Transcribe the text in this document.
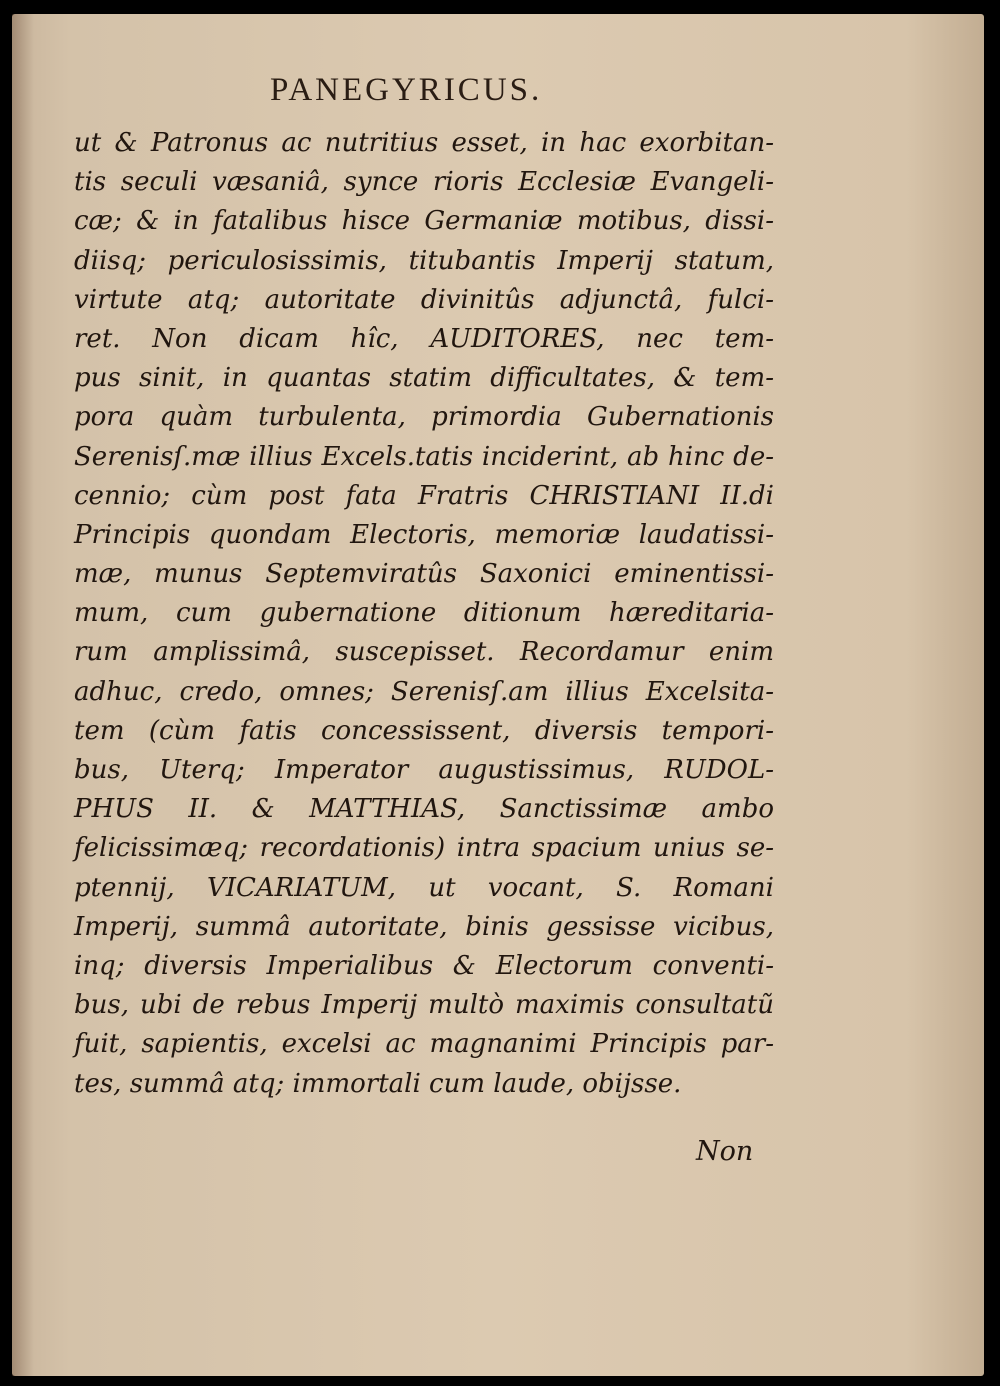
PANEGYRICUS.
ut & Patronus ac nutritius esset, in hac exorbitan-
tis seculi væsaniâ, synce rioris Ecclesiæ Evangeli-
cæ; & in fatalibus hisce Germaniæ motibus, dissi-
diisq; periculosissimis, titubantis Imperij statum,
virtute atq; autoritate divinitûs adjunctâ, fulci-
ret. Non dicam hîc, AUDITORES, nec tem-
pus sinit, in quantas statim difficultates, & tem-
pora quàm turbulenta, primordia Gubernationis
Serenisſ.mæ illius Excels.tatis inciderint, ab hinc de-
cennio; cùm post fata Fratris CHRISTIANI II.di
Principis quondam Electoris, memoriæ laudatissi-
mæ, munus Septemviratûs Saxonici eminentissi-
mum, cum gubernatione ditionum hæreditaria-
rum amplissimâ, suscepisset. Recordamur enim
adhuc, credo, omnes; Serenisſ.am illius Excelsita-
tem (cùm fatis concessissent, diversis tempori-
bus, Uterq; Imperator augustissimus, RUDOL-
PHUS II. & MATTHIAS, Sanctissimæ ambo
felicissimæq; recordationis) intra spacium unius se-
ptennij, VICARIATUM, ut vocant, S. Romani
Imperij, summâ autoritate, binis gessisse vicibus,
inq; diversis Imperialibus & Electorum conventi-
bus, ubi de rebus Imperij multò maximis consultatũ
fuit, sapientis, excelsi ac magnanimi Principis par-
tes, summâ atq; immortali cum laude, obijsse.
Non
